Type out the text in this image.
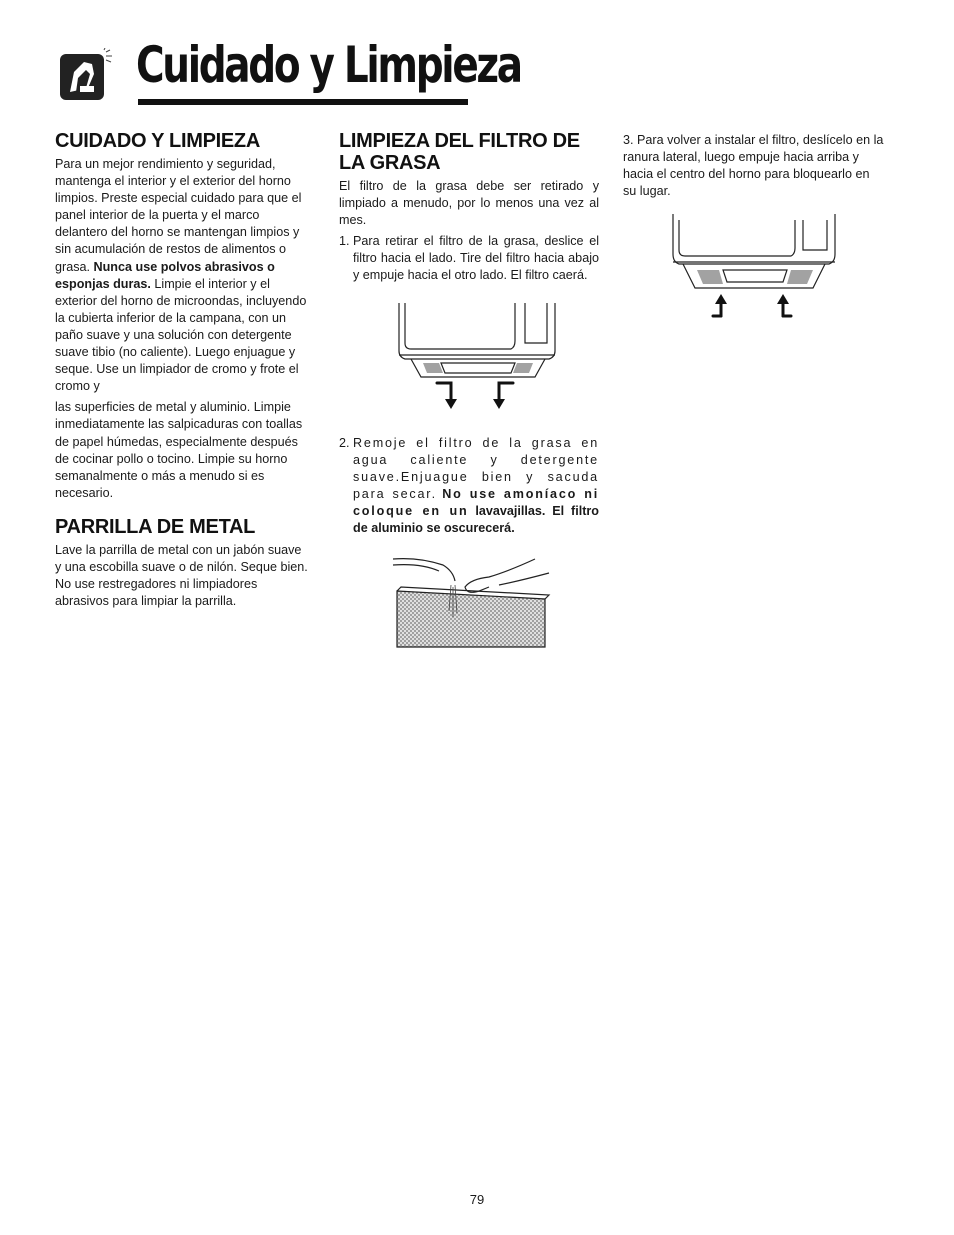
Cuidado y Limpieza
CUIDADO Y LIMPIEZA

Para un mejor rendimiento y seguridad, mantenga el interior y el exterior del horno limpios. Preste especial cuidado para que el panel interior de la puerta y el marco delantero del horno se mantengan limpios y sin acumulación de restos de alimentos o grasa. Nunca use polvos abrasivos o esponjas duras. Limpie el interior y el exterior del horno de microondas, incluyendo la cubierta inferior de la campana, con un paño suave y una solución con detergente suave tibio (no caliente). Luego enjuague y seque. Use un limpiador de cromo y frote el cromo y

las superficies de metal y aluminio. Limpie inmediatamente las salpicaduras con toallas de papel húmedas, especialmente después de cocinar pollo o tocino. Limpie su horno semanalmente o más a menudo si es necesario.

PARRILLA DE METAL

Lave la parrilla de metal con un jabón suave y una escobilla suave o de nilón. Seque bien. No use restregadores ni limpiadores abrasivos para limpiar la parrilla.

LIMPIEZA DEL FILTRO DE LA GRASA

El filtro de la grasa debe ser retirado y limpiado a menudo, por lo menos una vez al mes.

1. Para retirar el filtro de la grasa, deslice el filtro hacia el lado. Tire del filtro hacia abajo y empuje hacia el otro lado. El filtro caerá.
2. Remoje el filtro de la grasa en agua caliente y detergente suave.Enjuague bien y sacuda para secar. No use amoníaco ni coloque en un lavavajillas. El filtro de aluminio se oscurecerá.

3. Para volver a instalar el filtro, deslícelo en la ranura lateral, luego empuje hacia arriba y hacia el centro del horno para bloquearlo en su lugar.

79
